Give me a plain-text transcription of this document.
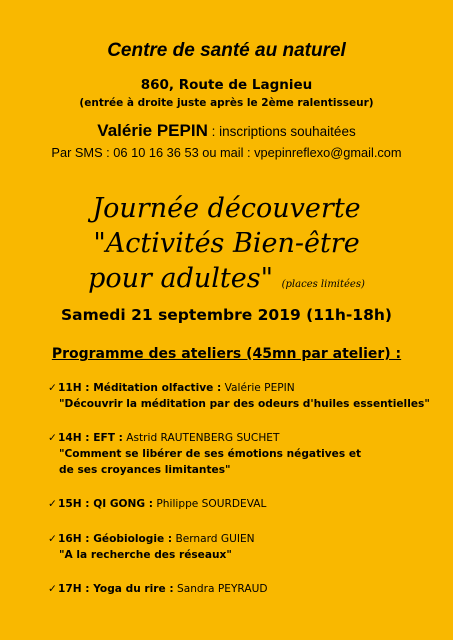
Centre de santé au naturel
860, Route de Lagnieu
(entrée à droite juste après le 2ème ralentisseur)
Valérie PEPIN : inscriptions souhaitées
Par SMS : 06 10 16 36 53 ou mail : vpepinreflexo@gmail.com
Journée découverte
"Activités Bien-être
pour adultes" (places limitées)
Samedi 21 septembre 2019 (11h-18h)
Programme des ateliers (45mn par atelier) :
✓11H : Méditation olfactive : Valérie PEPIN
"Découvrir la méditation par des odeurs d'huiles essentielles"
✓14H : EFT : Astrid RAUTENBERG SUCHET
"Comment se libérer de ses émotions négatives et
de ses croyances limitantes"
✓15H : QI GONG : Philippe SOURDEVAL
✓16H : Géobiologie : Bernard GUIEN
"A la recherche des réseaux"
✓17H : Yoga du rire : Sandra PEYRAUD
